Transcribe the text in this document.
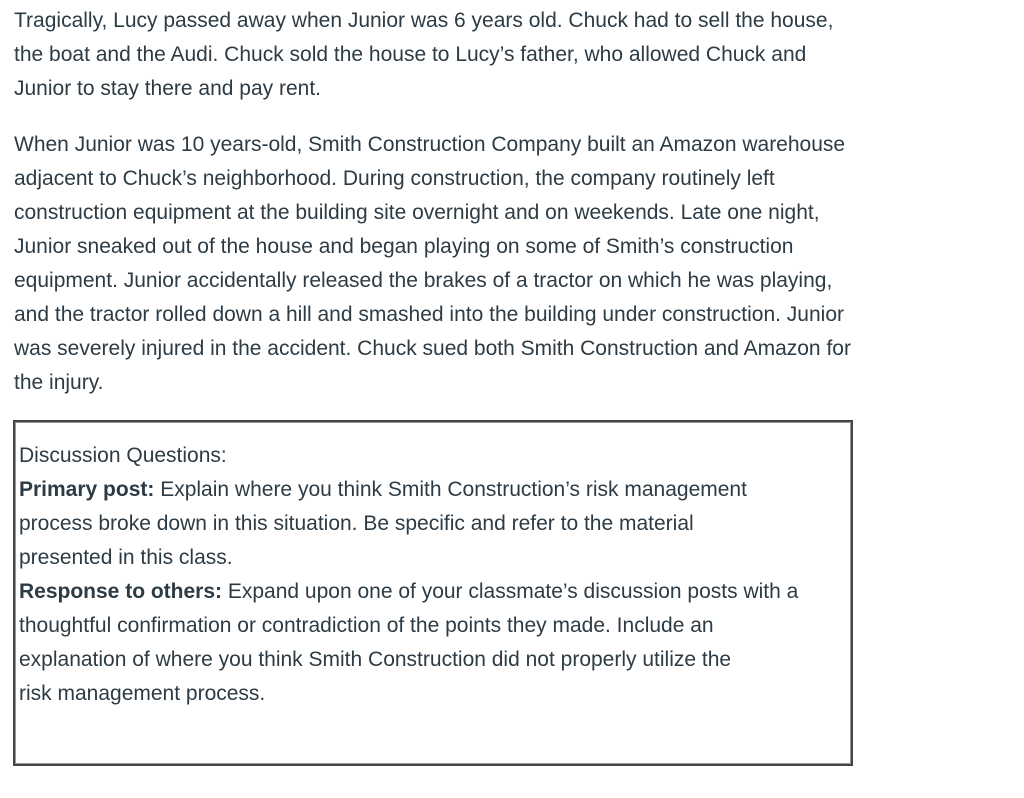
Tragically, Lucy passed away when Junior was 6 years old. Chuck had to sell the house, the boat and the Audi. Chuck sold the house to Lucy’s father, who allowed Chuck and Junior to stay there and pay rent.

When Junior was 10 years-old, Smith Construction Company built an Amazon warehouse adjacent to Chuck’s neighborhood. During construction, the company routinely left construction equipment at the building site overnight and on weekends. Late one night, Junior sneaked out of the house and began playing on some of Smith’s construction equipment. Junior accidentally released the brakes of a tractor on which he was playing, and the tractor rolled down a hill and smashed into the building under construction. Junior was severely injured in the accident. Chuck sued both Smith Construction and Amazon for the injury.

Discussion Questions:
Primary post: Explain where you think Smith Construction’s risk management
process broke down in this situation. Be specific and refer to the material
presented in this class.
Response to others: Expand upon one of your classmate’s discussion posts with a
thoughtful confirmation or contradiction of the points they made. Include an
explanation of where you think Smith Construction did not properly utilize the
risk management process.
